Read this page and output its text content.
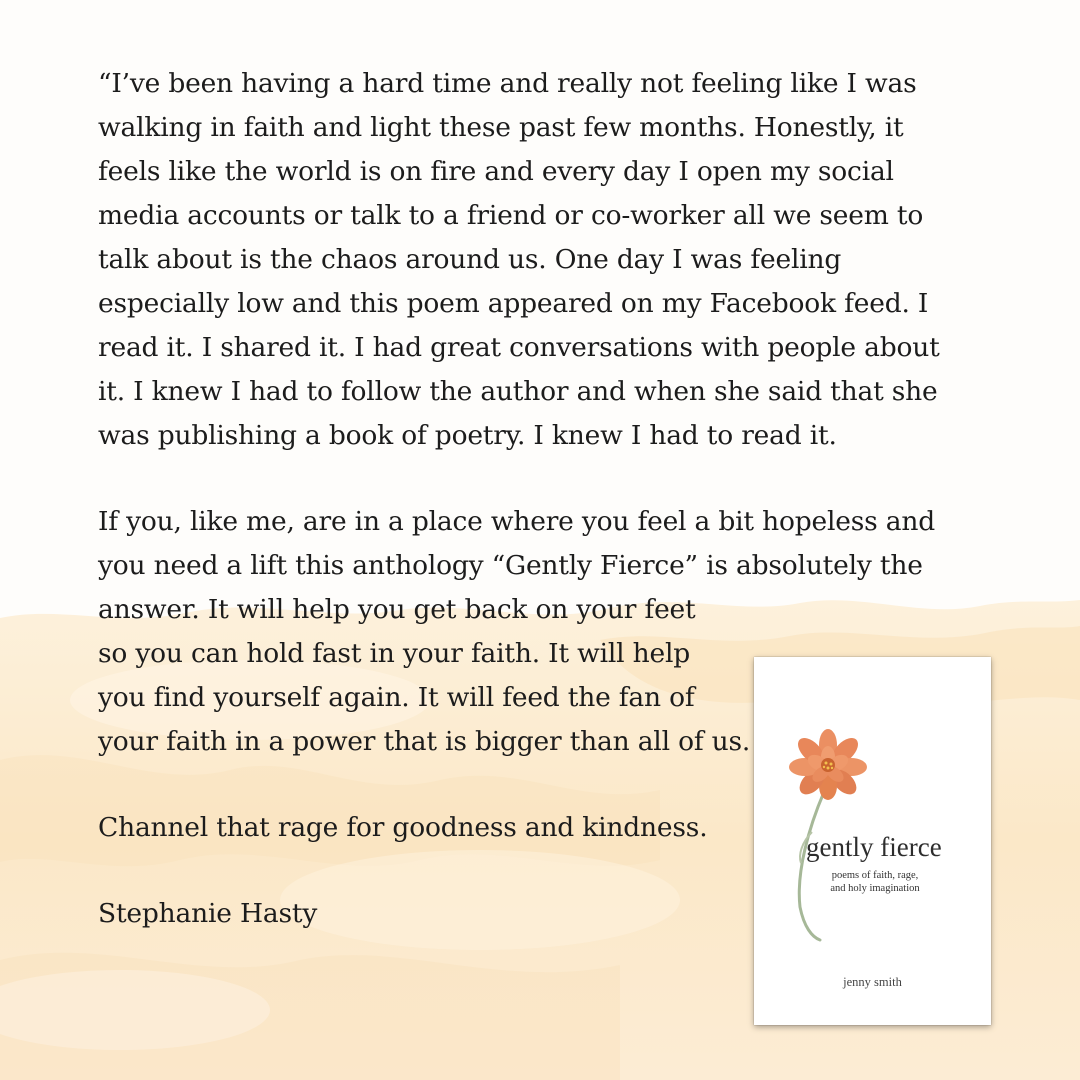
“I’ve been having a hard time and really not feeling like I was
walking in faith and light these past few months. Honestly, it
feels like the world is on fire and every day I open my social
media accounts or talk to a friend or co-worker all we seem to
talk about is the chaos around us. One day I was feeling
especially low and this poem appeared on my Facebook feed. I
read it. I shared it. I had great conversations with people about
it. I knew I had to follow the author and when she said that she
was publishing a book of poetry. I knew I had to read it.
If you, like me, are in a place where you feel a bit hopeless and
you need a lift this anthology “Gently Fierce” is absolutely the
answer. It will help you get back on your feet
so you can hold fast in your faith. It will help
you find yourself again. It will feed the fan of
your faith in a power that is bigger than all of us.
Channel that rage for goodness and kindness.
Stephanie Hasty
gently fierce
poems of faith, rage,
and holy imagination
jenny smith
